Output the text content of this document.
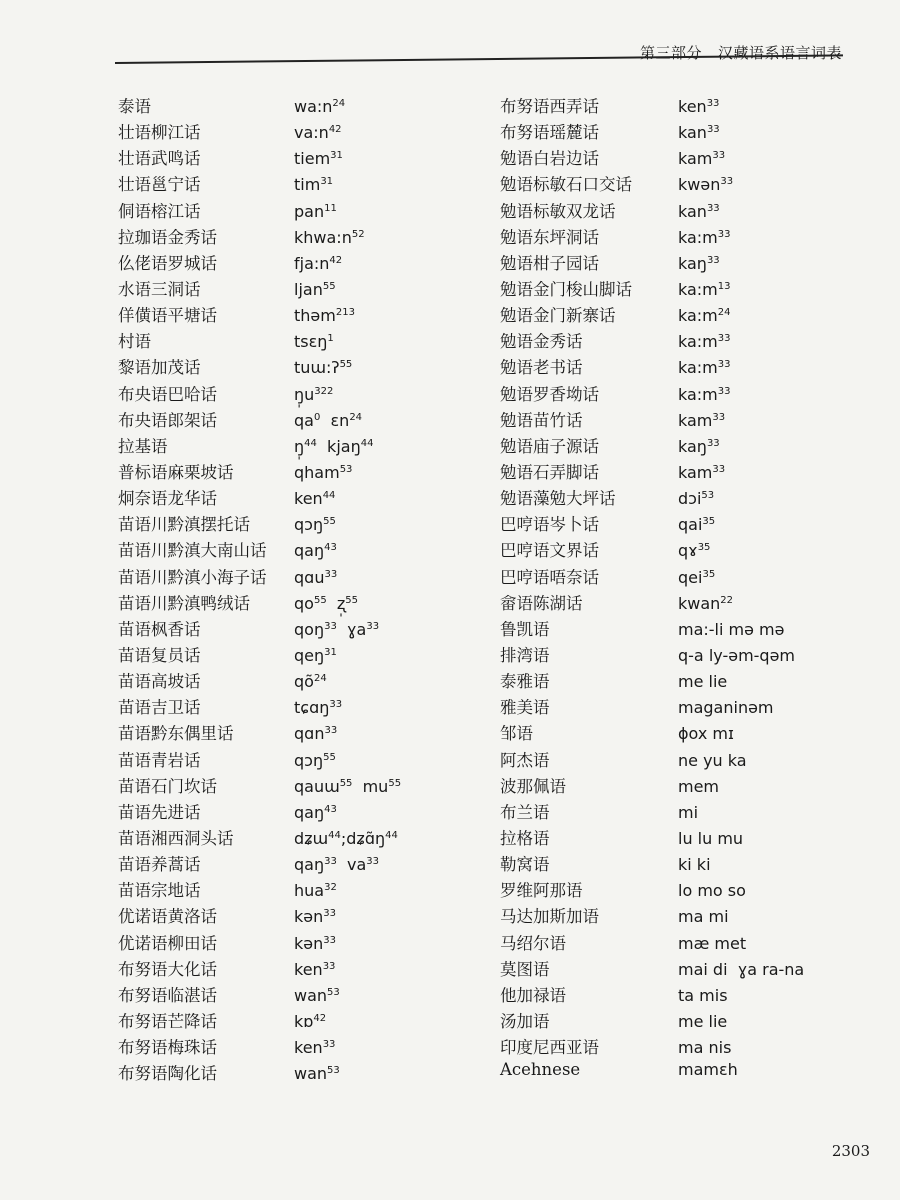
第三部分 汉藏语系语言词表
泰语	$wa:n^{24}$
壮语柳江话	$va:n^{42}$
壮语武鸣话	tiem$^{31}$
壮语邕宁话	tim$^{31}$
侗语榕江话	pan$^{11}$
拉珈语金秀话	$khwa:n^{52}$
仫佬语罗城话	$fja:n^{42}$
水语三洞话	ljan$^{55}$
佯僙语平塘话	thəm$^{213}$
村语	tsɛŋ$^1$
黎语加茂话	tuɯ:ʔ$^{55}$
布央语巴哈话	$ŋ̩u^{322}$
布央语郎架话	$qa^0$  ɛn$^{24}$
拉基语	ŋ̩$^{44}$  kjaŋ$^{44}$
普标语麻栗坡话	qham$^{53}$
炯奈语龙华话	ken$^{44}$
苗语川黔滇摆托话	qɔŋ$^{55}$
苗语川黔滇大南山话	qaŋ$^{43}$
苗语川黔滇小海子话	qɑu$^{33}$
苗语川黔滇鸭绒话	$qo^{55}$  ʐ̩$^{55}$
苗语枫香话	qoŋ$^{33}$  ɣa$^{33}$
苗语复员话	qeŋ$^{31}$
苗语高坡话	$qõ^{24}$
苗语吉卫话	tɕɑŋ$^{33}$
苗语黔东偶里话	qɑn$^{33}$
苗语青岩话	qɔŋ$^{55}$
苗语石门坎话	qauɯ$^{55}$  $mu^{55}$
苗语先进话	qaŋ$^{43}$
苗语湘西洞头话	$dʑɯ^{44};dʑɑ̃ŋ^{44}$
苗语养蒿话	qaŋ$^{33}$  $va^{33}$
苗语宗地话	hua$^{32}$
优诺语黄洛话	kən$^{33}$
优诺语柳田话	kən$^{33}$
布努语大化话	ken$^{33}$
布努语临湛话	wan$^{53}$
布努语芒降话	kɒ$^{42}$
布努语梅珠话	ken$^{33}$
布努语陶化话	wan$^{53}$
布努语西弄话	ken$^{33}$
布努语瑶麓话	kan$^{33}$
勉语白岩边话	kam$^{33}$
勉语标敏石口交话	kwən$^{33}$
勉语标敏双龙话	kan$^{33}$
勉语东坪洞话	$ka:m^{33}$
勉语柑子园话	kaŋ$^{33}$
勉语金门梭山脚话	$ka:m^{13}$
勉语金门新寨话	$ka:m^{24}$
勉语金秀话	$ka:m^{33}$
勉语老书话	$ka:m^{33}$
勉语罗香坳话	$ka:m^{33}$
勉语苗竹话	kam$^{33}$
勉语庙子源话	kaŋ$^{33}$
勉语石弄脚话	kam$^{33}$
勉语藻勉大坪话	dɔi$^{53}$
巴哼语岑卜话	qai$^{35}$
巴哼语文界话	qɤ$^{35}$
巴哼语唔奈话	qei$^{35}$
畲语陈湖话	kwan$^{22}$
鲁凯语	ma:-li mə mə
排湾语	q-a ly-əm-qəm
泰雅语	me lie
雅美语	maganinəm
邹语	ɸox mɪ
阿杰语	ne yu ka
波那佩语	mem
布兰语	mi
拉格语	lu lu mu
勒窝语	ki ki
罗维阿那语	lo mo so
马达加斯加语	ma mi
马绍尔语	mæ met
莫图语	mai di  ɣa ra-na
他加禄语	ta mis
汤加语	me lie
印度尼西亚语	ma nis
Acehnese	mamɛh
2303
